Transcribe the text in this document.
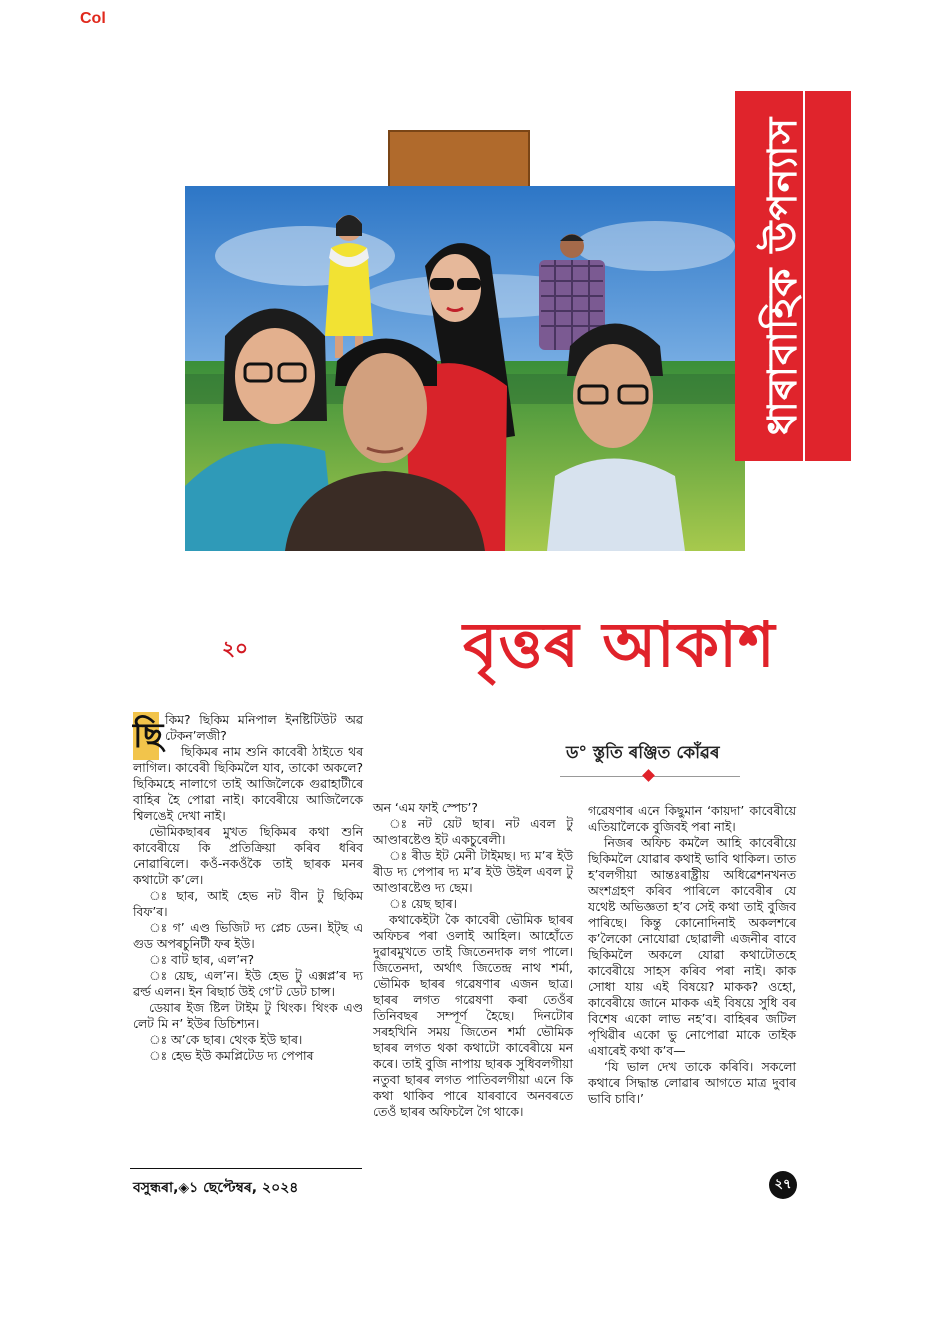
Col
ধাৰাবাহিক উপন্যাস
২০	বৃত্তৰ আকাশ
ড° স্তুতি ৰঞ্জিত কোঁৱৰ
ছি কিম? ছিকিম মনিপাল ইনষ্টিটিউট অৱ টেকন’লজী?

ছিকিমৰ নাম শুনি কাবেৰী ঠাইতে থৰ লাগিল। কাবেৰী ছিকিমলৈ যাব, তাকো অকলে? ছিকিমহে নালাগে তাই আজিলৈকে গুৱাহাটীৰে বাহিৰ হৈ পোৱা নাই। কাবেৰীয়ে আজিলৈকে শ্বিলঙেই দেখা নাই।

ভৌমিকছাৰৰ মুখত ছিকিমৰ কথা শুনি কাবেৰীয়ে কি প্রতিক্রিয়া কৰিব ধৰিব নোৱাৰিলে। কওঁ-নকওঁকৈ তাই ছাৰক মনৰ কথাটো ক’লে।

ঃ ছাৰ, আই হেভ নট বীন টু ছিকিম বিফ’ৰ।

ঃ গ’ এণ্ড ভিজিট দ্য প্লেচ ডেন। ইট্‌ছ এ গুড অপৰচুনিটী ফৰ ইউ।

ঃ বাট ছাৰ, এল’ন?

ঃ য়েছ, এল’ন। ইউ হেভ টু এক্সপ্ল’ৰ দ্য ৱৰ্ল্ড এলন। ইন ৰিছাৰ্চ উই গে’ট ডেট চান্স।

ডেয়াৰ ইজ ষ্টিল টাইম টু থিংক। থিংক এণ্ড লেট মি ন’ ইউৰ ডিচিশ্যন।

ঃ অ’কে ছাৰ। থেংক ইউ ছাৰ।

ঃ হেভ ইউ কমপ্লিটেড দ্য পেপাৰ

অন ‘এম ফাই স্পেচ’?

ঃ নট য়েট ছাৰ। নট এবল টু আণ্ডাৰষ্টেণ্ড ইট একচুৰেলী।

ঃ ৰীড ইট মেনী টাইমছ। দ্য ম’ৰ ইউ ৰীড দ্য পেপাৰ দ্য ম’ৰ ইউ উইল এবল টু আণ্ডাৰষ্টেণ্ড দ্য ছেম।

ঃ য়েছ ছাৰ।

কথাকেইটা কৈ কাবেৰী ভৌমিক ছাৰৰ অফিচৰ পৰা ওলাই আহিল। আহোঁতে দুৱাৰমুখতে তাই জিতেনদাক লগ পালে। জিতেনদা, অৰ্থাৎ জিতেন্দ্ৰ নাথ শৰ্মা, ভৌমিক ছাৰৰ গৱেষণাৰ এজন ছাত্ৰ। ছাৰৰ লগত গৱেষণা কৰা তেওঁৰ তিনিবছৰ সম্পূৰ্ণ হৈছে। দিনটোৰ সৰহখিনি সময় জিতেন শৰ্মা ভৌমিক ছাৰৰ লগত থকা কথাটো কাবেৰীয়ে মন কৰে। তাই বুজি নাপায় ছাৰক সুধিবলগীয়া নতুবা ছাৰৰ লগত পাতিবলগীয়া এনে কি কথা থাকিব পাৰে যাৰবাবে অনবৰতে তেওঁ ছাৰৰ অফিচলৈ গৈ থাকে।

গৱেষণাৰ এনে কিছুমান ‘কায়দা’ কাবেৰীয়ে এতিয়ালৈকে বুজিবই পৰা নাই।

নিজৰ অফিচ কমলৈ আহি কাবেৰীয়ে ছিকিমলৈ যোৱাৰ কথাই ভাবি থাকিল। তাত হ’বলগীয়া আন্তঃৰাষ্ট্ৰীয় অধিৱেশনখনত অংশগ্ৰহণ কৰিব পাৰিলে কাবেৰীৰ যে যথেষ্ট অভিজ্ঞতা হ’ব সেই কথা তাই বুজিব পাৰিছে। কিন্তু কোনোদিনাই অকলশৰে ক’লৈকো নোযোৱা ছোৱালী এজনীৰ বাবে ছিকিমলৈ অকলে যোৱা কথাটোতহে কাবেৰীয়ে সাহস কৰিব পৰা নাই। কাক সোধা যায় এই বিষয়ে? মাকক? ওহো, কাবেৰীয়ে জানে মাকক এই বিষয়ে সুধি বৰ বিশেষ একো লাভ নহ’ব। বাহিৰৰ জটিল পৃথিৱীৰ একো ভু নোপোৱা মাকে তাইক এষাৰেই কথা ক’ব—

‘যি ভাল দেখ তাকে কৰিবি। সকলো কথাৰে সিদ্ধান্ত লোৱাৰ আগতে মাত্ৰ দুবাৰ ভাবি চাবি।’

বসুন্ধৰা,◈১ ছেপ্টেম্বৰ, ২০২৪	২৭
